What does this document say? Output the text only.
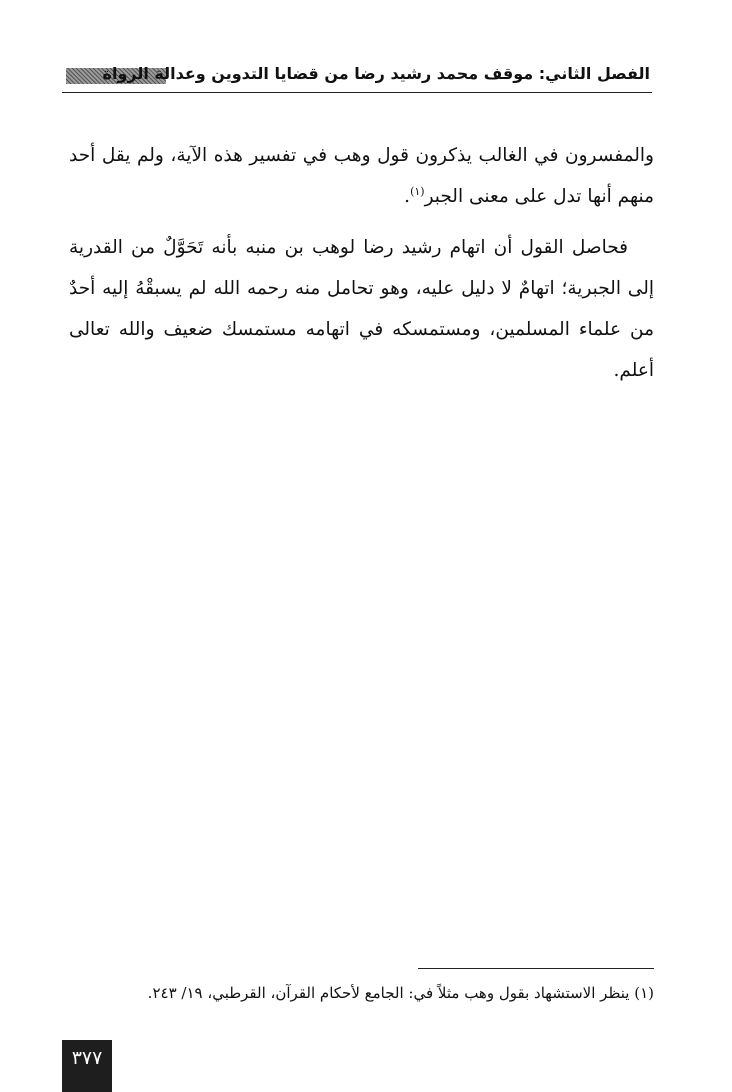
الفصل الثاني: موقف محمد رشيد رضا من قضايا التدوين وعدالة الرواة

والمفسرون في الغالب يذكرون قول وهب في تفسير هذه الآية، ولم يقل أحد منهم أنها تدل على معنى الجبر$^{(١)}$.

فحاصل القول أن اتهام رشيد رضا لوهب بن منبه بأنه تَحَوَّلٌ من القدرية إلى الجبرية؛ اتهامٌ لا دليل عليه، وهو تحامل منه رحمه الله لم يسبقْهُ إليه أحدٌ من علماء المسلمين، ومستمسكه في اتهامه مستمسك ضعيف والله تعالى أعلم.

(١) ينظر الاستشهاد بقول وهب مثلاً في: الجامع لأحكام القرآن، القرطبي، ١٩/ ٢٤٣.
٣٧٧
